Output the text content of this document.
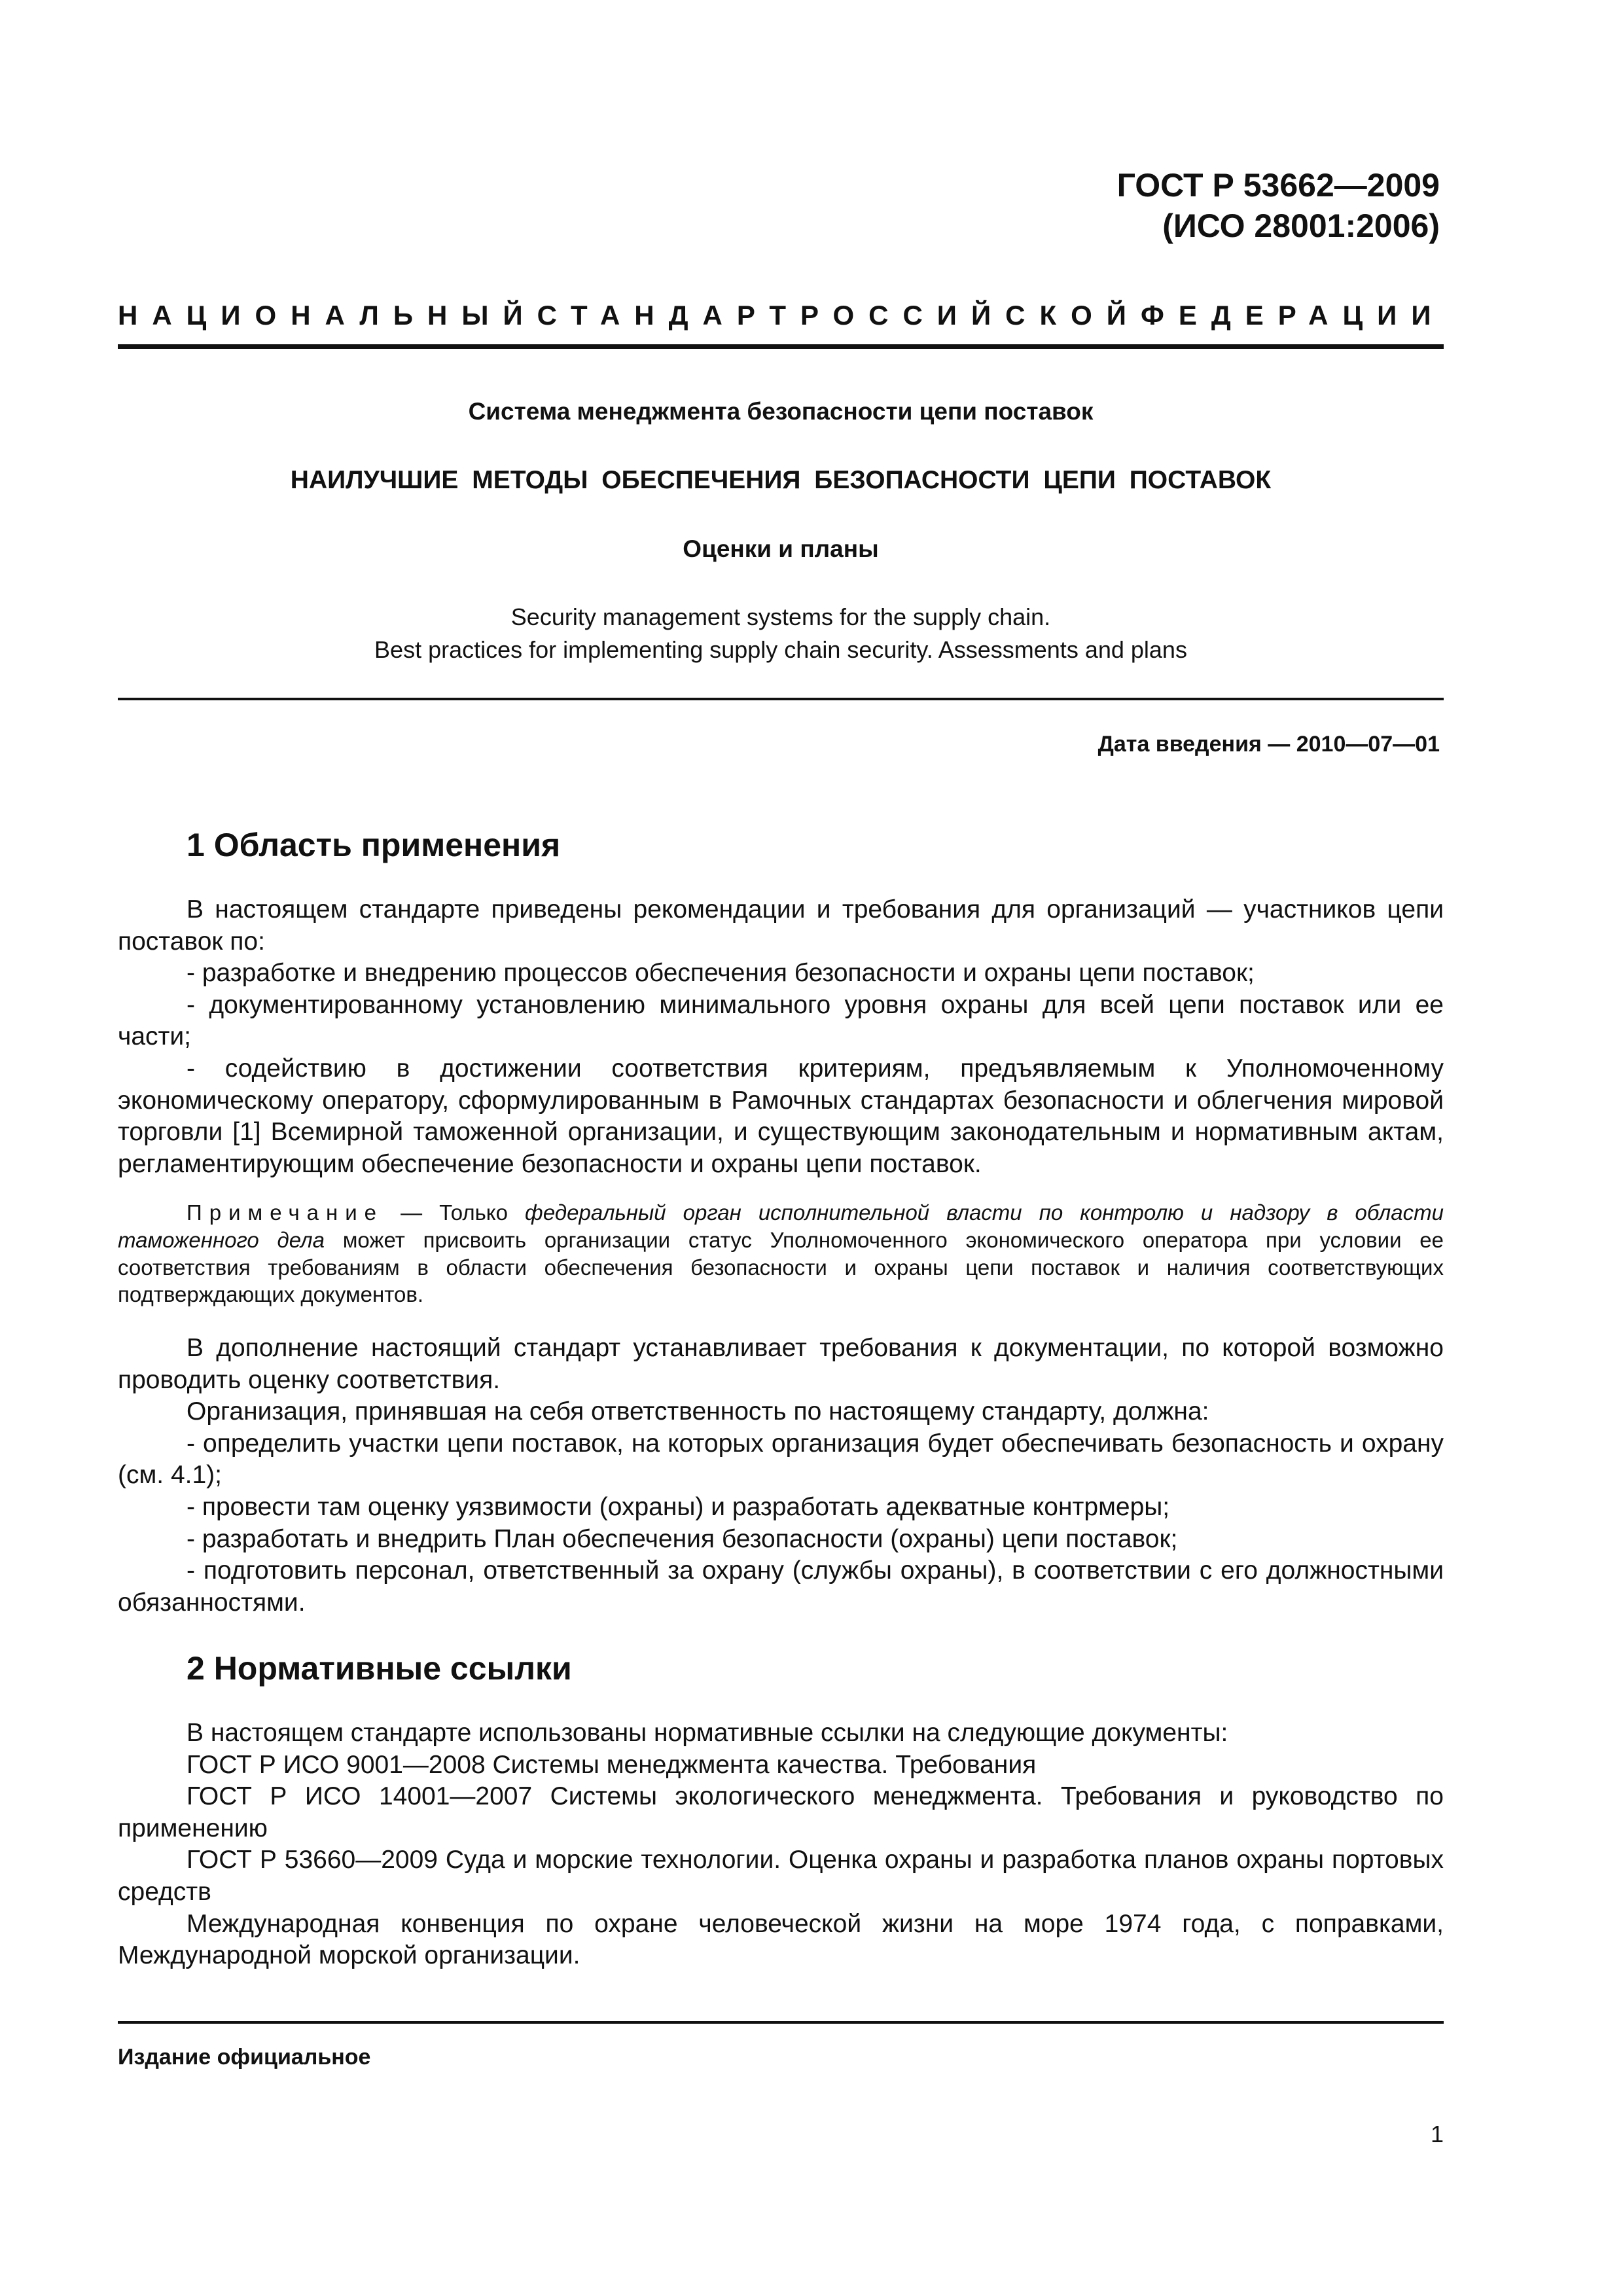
ГОСТ Р 53662—2009
(ИСО 28001:2006)
НАЦИОНАЛЬНЫЙ СТАНДАРТ РОССИЙСКОЙ ФЕДЕРАЦИИ
Система менеджмента безопасности цепи поставок
НАИЛУЧШИЕ МЕТОДЫ ОБЕСПЕЧЕНИЯ БЕЗОПАСНОСТИ ЦЕПИ ПОСТАВОК
Оценки и планы
Security management systems for the supply chain.
Best practices for implementing supply chain security. Assessments and plans
Дата введения — 2010—07—01
1 Область применения

В настоящем стандарте приведены рекомендации и требования для организаций — участников цепи поставок по:

- разработке и внедрению процессов обеспечения безопасности и охраны цепи поставок;

- документированному установлению минимального уровня охраны для всей цепи поставок или ее части;

- содействию в достижении соответствия критериям, предъявляемым к Уполномоченному экономическому оператору, сформулированным в Рамочных стандартах безопасности и облегчения мировой торговли [1] Всемирной таможенной организации, и существующим законодательным и нормативным актам, регламентирующим обеспечение безопасности и охраны цепи поставок.

Примечание — Только федеральный орган исполнительной власти по контролю и надзору в области таможенного дела может присвоить организации статус Уполномоченного экономического оператора при условии ее соответствия требованиям в области обеспечения безопасности и охраны цепи поставок и наличия соответствующих подтверждающих документов.

В дополнение настоящий стандарт устанавливает требования к документации, по которой возможно проводить оценку соответствия.

Организация, принявшая на себя ответственность по настоящему стандарту, должна:

- определить участки цепи поставок, на которых организация будет обеспечивать безопасность и охрану (см. 4.1);

- провести там оценку уязвимости (охраны) и разработать адекватные контрмеры;

- разработать и внедрить План обеспечения безопасности (охраны) цепи поставок;

- подготовить персонал, ответственный за охрану (службы охраны), в соответствии с его должностными обязанностями.

2 Нормативные ссылки

В настоящем стандарте использованы нормативные ссылки на следующие документы:

ГОСТ Р ИСО 9001—2008 Системы менеджмента качества. Требования

ГОСТ Р ИСО 14001—2007 Системы экологического менеджмента. Требования и руководство по применению

ГОСТ Р 53660—2009 Суда и морские технологии. Оценка охраны и разработка планов охраны портовых средств

Международная конвенция по охране человеческой жизни на море 1974 года, с поправками, Международной морской организации.

Издание официальное
1
